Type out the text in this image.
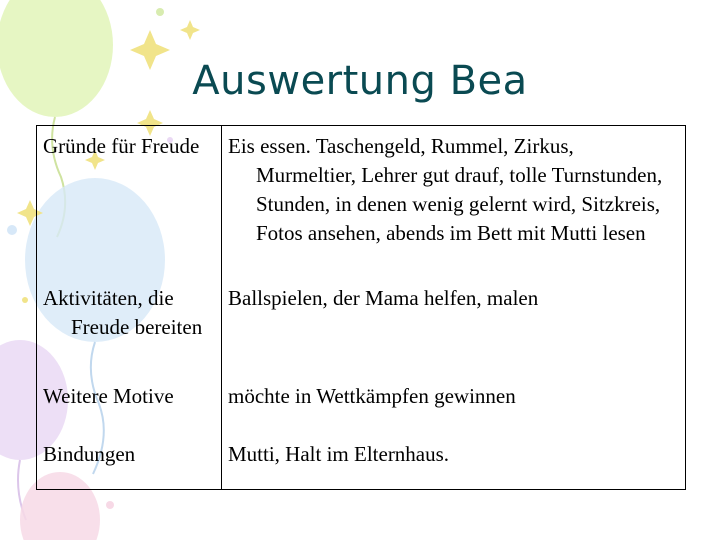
Auswertung Bea
Gründe für Freude	Eis essen. Taschengeld, Rummel, Zirkus, Murmeltier, Lehrer gut drauf, tolle Turnstunden, Stunden, in denen wenig gelernt wird, Sitzkreis, Fotos ansehen, abends im Bett mit Mutti lesen

Aktivitäten, die Freude bereiten	Ballspielen, der Mama helfen, malen

Weitere Motive	möchte in Wettkämpfen gewinnen

Bindungen	Mutti, Halt im Elternhaus.
